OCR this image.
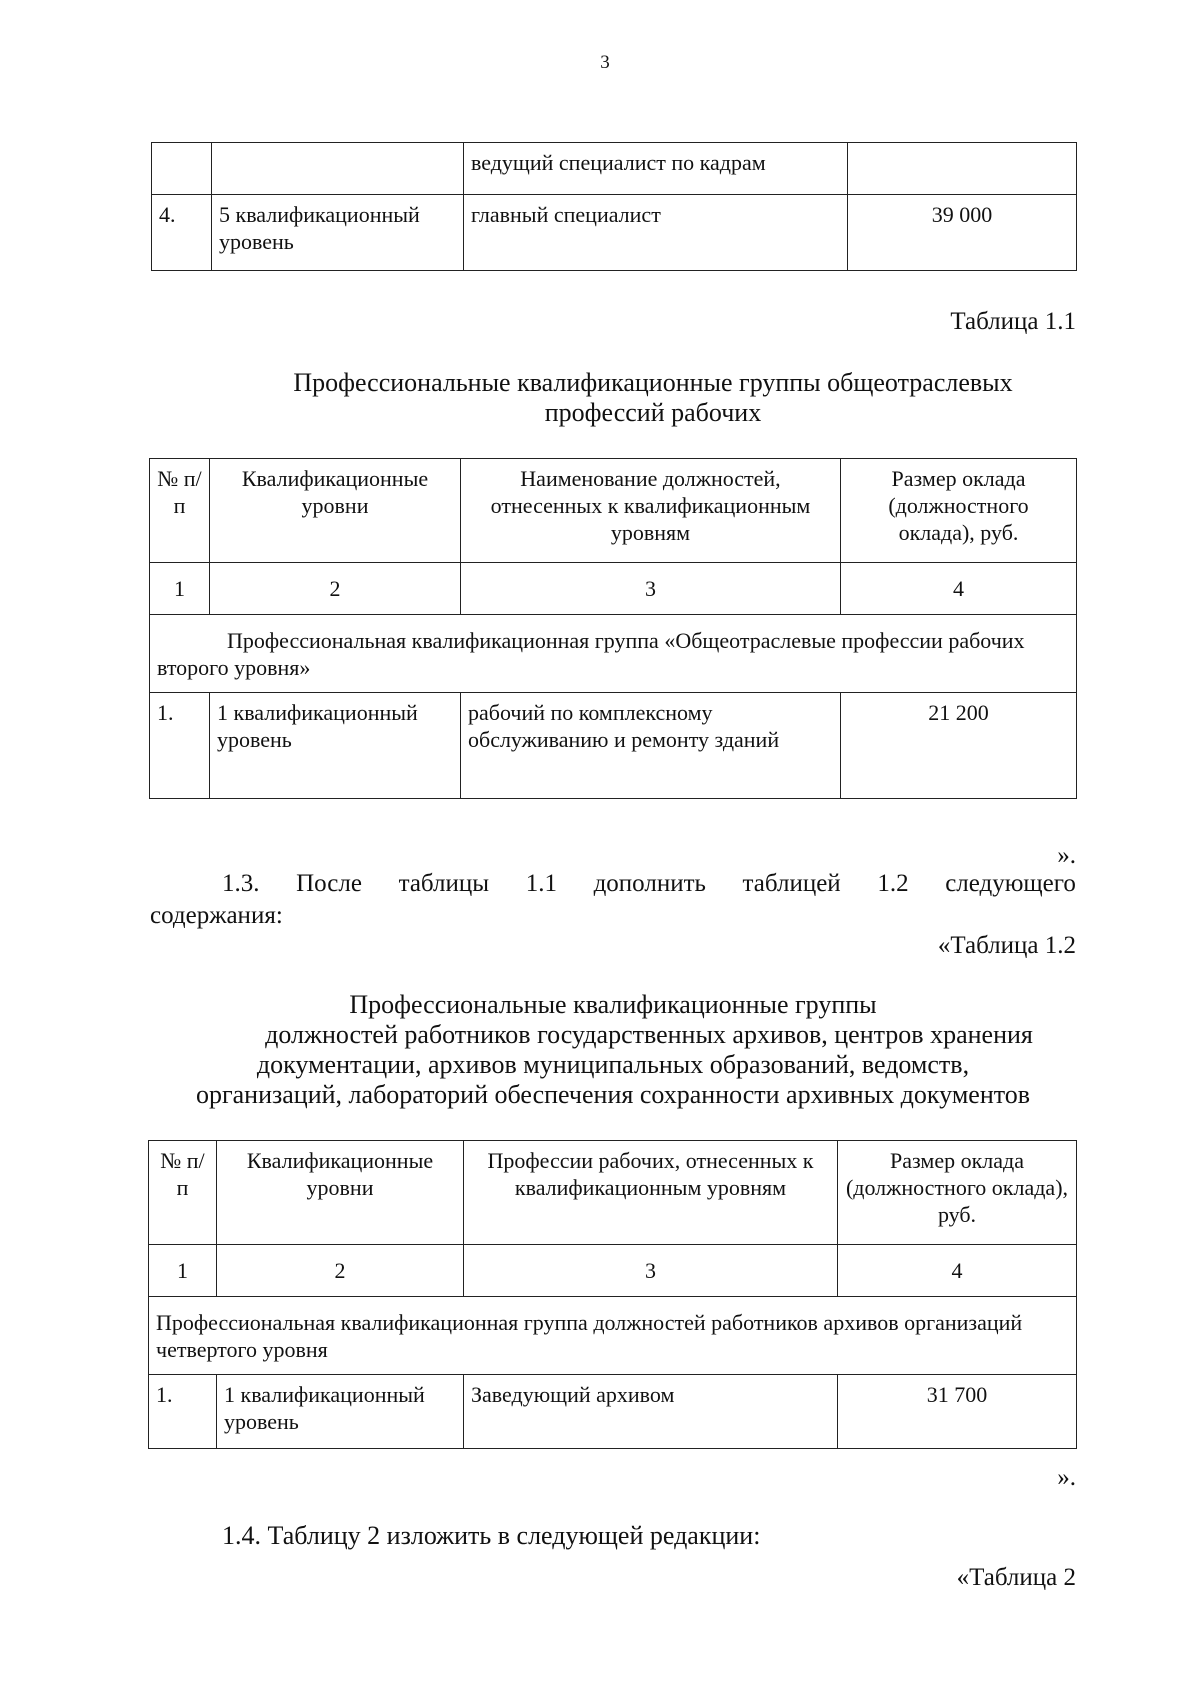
3
		ведущий специалист по кадрам	
4.	5 квалификационный уровень	главный специалист	39 000
Таблица 1.1
Профессиональные квалификационные группы общеотраслевых
профессий рабочих
№ п/п	Квалификационные уровни	Наименование должностей, отнесенных к квалификационным уровням	Размер оклада (должностного оклада), руб.
1	2	3	4

Профессиональная квалификационная группа «Общеотраслевые профессии рабочих второго уровня»			

1.	1 квалификационный уровень	рабочий по комплексному обслуживанию и ремонту зданий	21 200
».
1.3. После таблицы 1.1 дополнить таблицей 1.2 следующего
содержания:
«Таблица 1.2
Профессиональные квалификационные группы
должностей работников государственных архивов, центров хранения
документации, архивов муниципальных образований, ведомств,
организаций, лабораторий обеспечения сохранности архивных документов
№ п/п	Квалификационные уровни	Профессии рабочих, отнесенных к квалификационным уровням	Размер оклада (должностного оклада), руб.
1	2	3	4
Профессиональная квалификационная группа должностей работников архивов организаций четвертого уровня			
1.	1 квалификационный уровень	Заведующий архивом	31 700
».
1.4. Таблицу 2 изложить в следующей редакции:
«Таблица 2
